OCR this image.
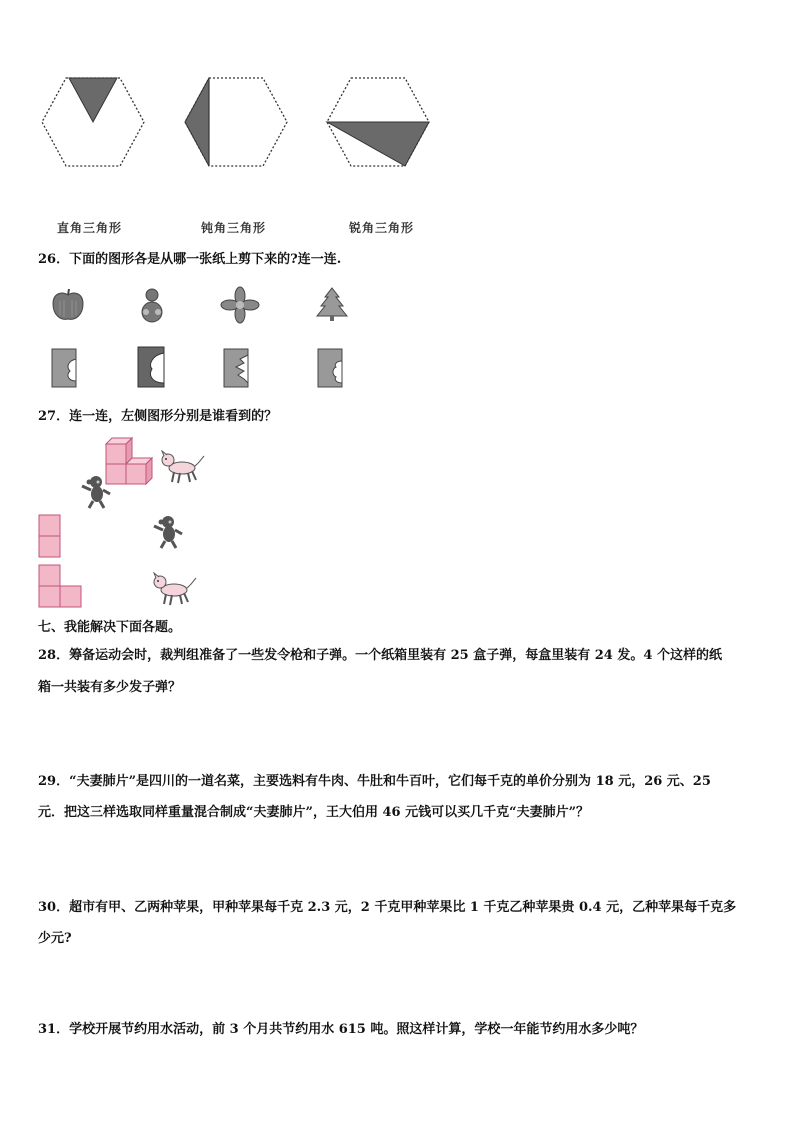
直角三角形	钝角三角形	锐角三角形
26．下面的图形各是从哪一张纸上剪下来的?连一连.
27．连一连，左侧图形分别是谁看到的？
七、我能解决下面各题。
28．筹备运动会时，裁判组准备了一些发令枪和子弹。一个纸箱里装有 25 盒子弹，每盒里装有 24 发。4 个这样的纸
箱一共装有多少发子弹？
29．“夫妻肺片”是四川的一道名菜，主要选料有牛肉、牛肚和牛百叶，它们每千克的单价分别为 18 元，26 元、25
元．把这三样选取同样重量混合制成“夫妻肺片”，王大伯用 46 元钱可以买几千克“夫妻肺片”？
30．超市有甲、乙两种苹果，甲种苹果每千克 2.3 元，2 千克甲种苹果比 1 千克乙种苹果贵 0.4 元，乙种苹果每千克多
少元?
31．学校开展节约用水活动，前 3 个月共节约用水 615 吨。照这样计算，学校一年能节约用水多少吨？
